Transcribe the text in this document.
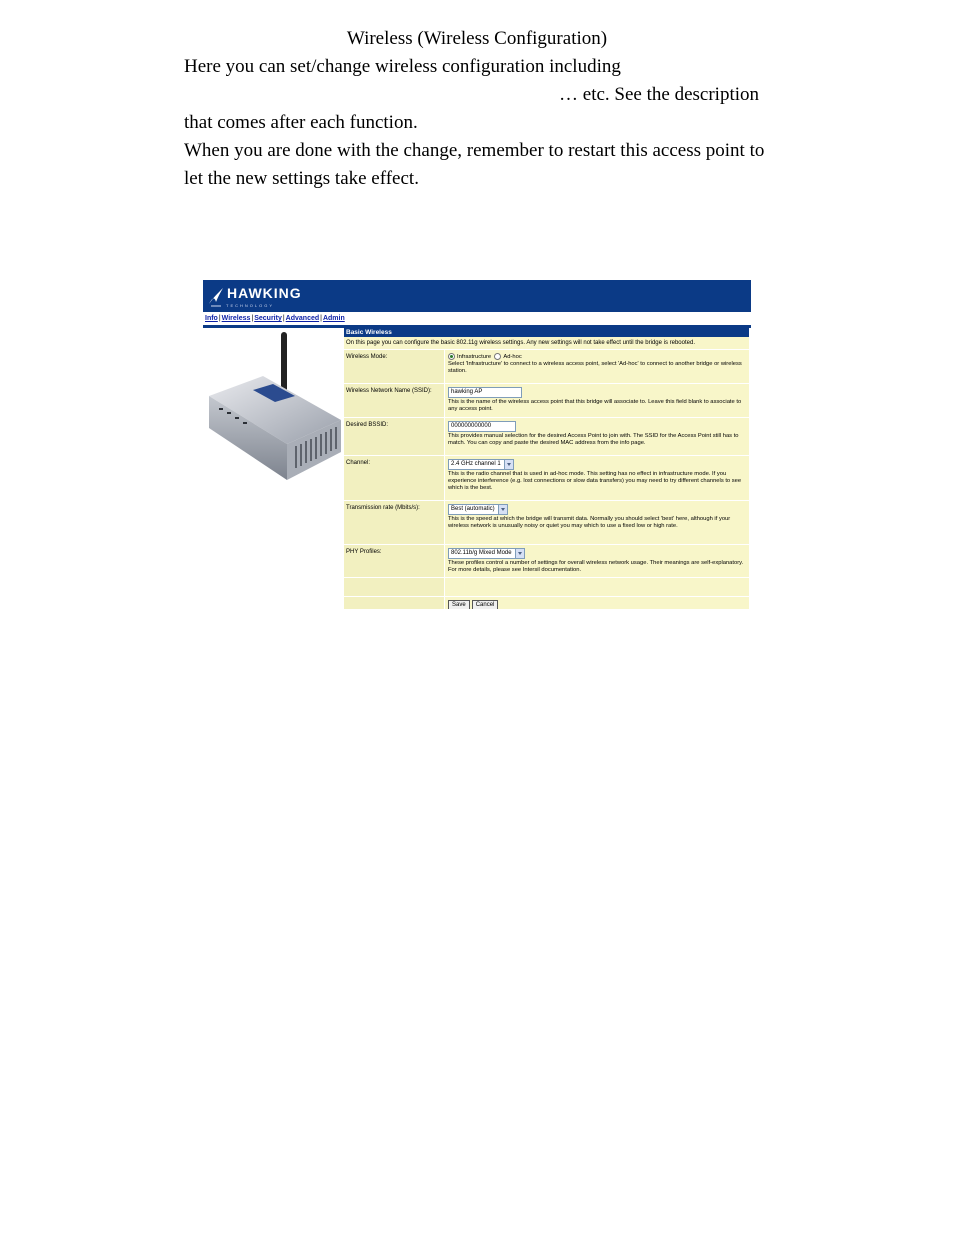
Wireless (Wireless Configuration)
Here you can set/change wireless configuration including
… etc. See the description
that comes after each function.
When you are done with the change, remember to restart this access point to let the new settings take effect.
HAWKING
TECHNOLOGY
Info|Wireless|Security|Advanced|Admin
Basic Wireless
On this page you can configure the basic 802.11g wireless settings. Any new settings will not take effect until the bridge is rebooted.
Wireless Mode:	Infrastructure Ad-hoc
Select 'Infrastructure' to connect to a wireless access point, select 'Ad-hoc' to connect to another bridge or wireless station.
Wireless Network Name (SSID):	hawking AP
This is the name of the wireless access point that this bridge will associate to. Leave this field blank to associate to any access point.
Desired BSSID:	000000000000
This provides manual selection for the desired Access Point to join with. The SSID for the Access Point still has to match. You can copy and paste the desired MAC address from the info page.
Channel:	2.4 GHz channel 1
This is the radio channel that is used in ad-hoc mode. This setting has no effect in infrastructure mode. If you experience interference (e.g. lost connections or slow data transfers) you may need to try different channels to see which is the best.
Transmission rate (Mbits/s):	Best (automatic)
This is the speed at which the bridge will transmit data. Normally you should select 'best' here, although if your wireless network is unusually noisy or quiet you may which to use a fixed low or high rate.
PHY Profiles:	802.11b/g Mixed Mode
These profiles control a number of settings for overall wireless network usage. Their meanings are self-explanatory. For more details, please see Intersil documentation.
Save Cancel
